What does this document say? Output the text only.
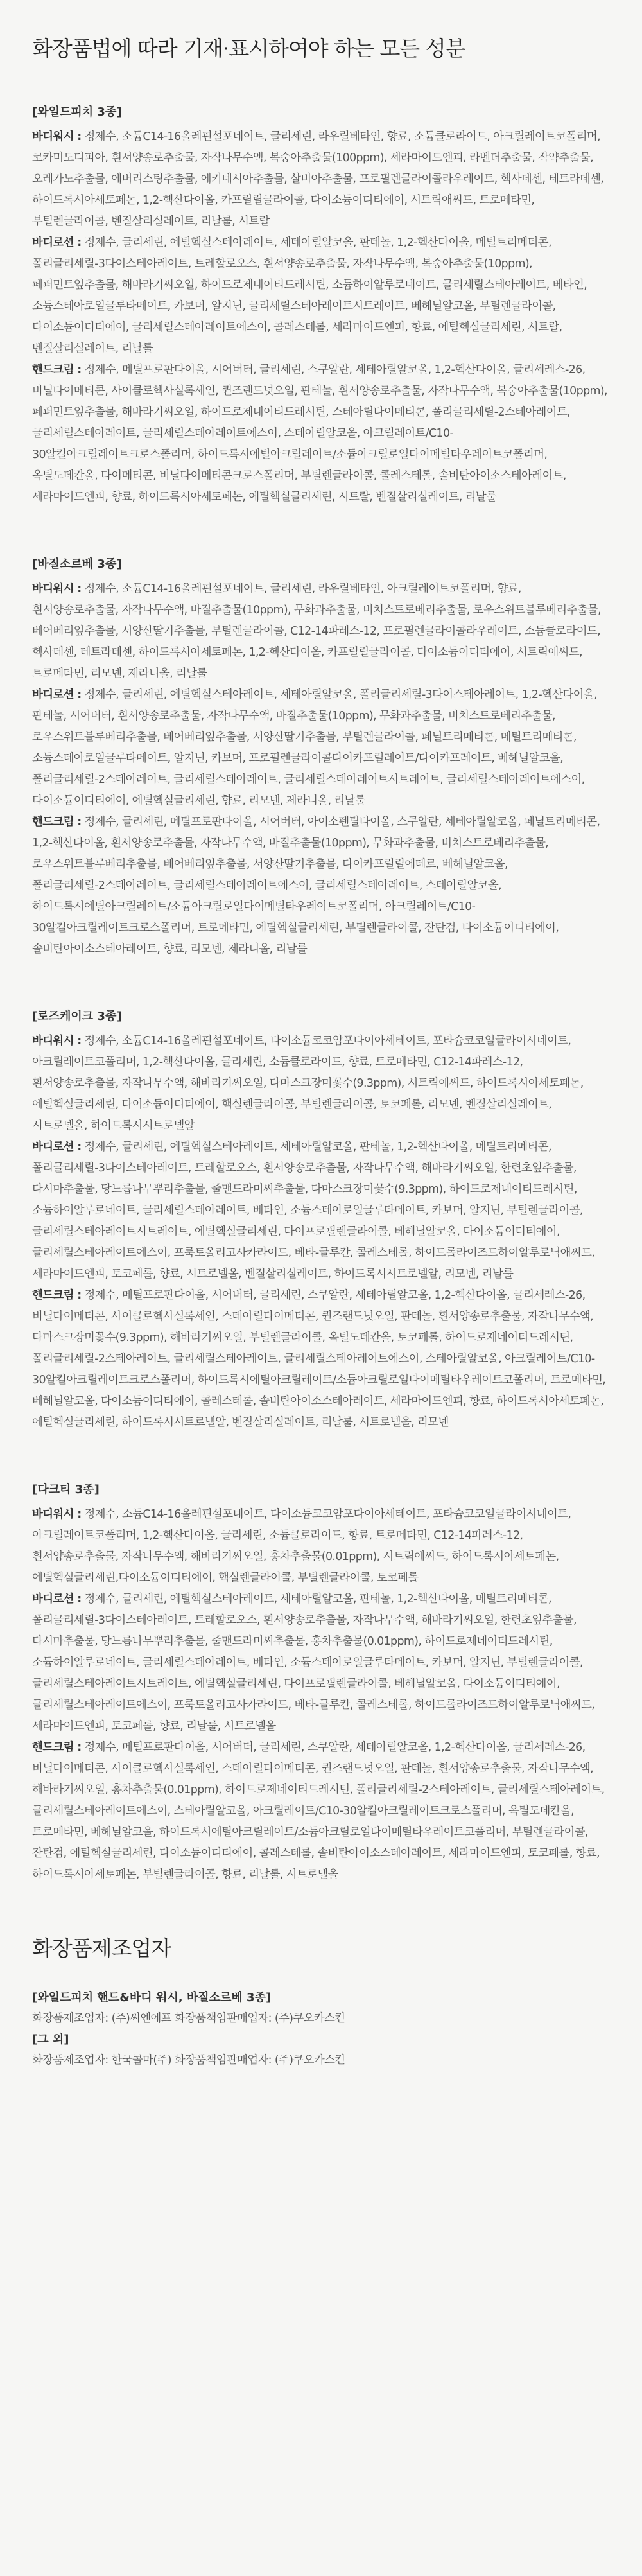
화장품법에 따라 기재·표시하여야 하는 모든 성분
[와일드피치 3종]

바디워시 : 정제수, 소듐C14-16올레핀설포네이트, 글리세린, 라우릴베타인, 향료, 소듐클로라이드, 아크릴레이트코폴리머, 코카미도디피아, 흰서양송로추출물, 자작나무수액, 복숭아추출물(100ppm), 세라마이드엔피, 라벤더추출물, 작약추출물, 오레가노추출물, 에버리스팅추출물, 에키네시아추출물, 살비아추출물, 프로필렌글라이콜라우레이트, 헥사데센, 테트라데센, 하이드록시아세토페논, 1,2-헥산다이올, 카프릴릴글라이콜, 다이소듐이디티에이, 시트릭애씨드, 트로메타민, 부틸렌글라이콜, 벤질살리실레이트, 리날룰, 시트랄

바디로션 : 정제수, 글리세린, 에틸헥실스테아레이트, 세테아릴알코올, 판테놀, 1,2-헥산다이올, 메틸트리메티콘, 폴리글리세릴-3다이스테아레이트, 트레할로오스, 흰서양송로추출물, 자작나무수액, 복숭아추출물(10ppm), 페퍼민트잎추출물, 해바라기씨오일, 하이드로제네이티드레시틴, 소듐하이알루로네이트, 글리세릴스테아레이트, 베타인, 소듐스테아로일글루타메이트, 카보머, 알지닌, 글리세릴스테아레이트시트레이트, 베헤닐알코올, 부틸렌글라이콜, 다이소듐이디티에이, 글리세릴스테아레이트에스이, 콜레스테롤, 세라마이드엔피, 향료, 에틸헥실글리세린, 시트랄, 벤질살리실레이트, 리날룰

핸드크림 : 정제수, 메틸프로판다이올, 시어버터, 글리세린, 스쿠알란, 세테아릴알코올, 1,2-헥산다이올, 글리세레스-26, 비닐다이메티콘, 사이클로헥사실록세인, 퀸즈랜드넛오일, 판테놀, 흰서양송로추출물, 자작나무수액, 복숭아추출물(10ppm), 페퍼민트잎추출물, 해바라기씨오일, 하이드로제네이티드레시틴, 스테아릴다이메티콘, 폴리글리세릴-2스테아레이트, 글리세릴스테아레이트, 글리세릴스테아레이트에스이, 스테아릴알코올, 아크릴레이트/C10-30알킬아크릴레이트크로스폴리머, 하이드록시에틸아크릴레이트/소듐아크릴로일다이메틸타우레이트코폴리머, 옥틸도데칸올, 다이메티콘, 비닐다이메티콘크로스폴리머, 부틸렌글라이콜, 콜레스테롤, 솔비탄아이소스테아레이트, 세라마이드엔피, 향료, 하이드록시아세토페논, 에틸헥실글리세린, 시트랄, 벤질살리실레이트, 리날룰

[바질소르베 3종]

바디워시 : 정제수, 소듐C14-16올레핀설포네이트, 글리세린, 라우릴베타인, 아크릴레이트코폴리머, 향료, 흰서양송로추출물, 자작나무수액, 바질추출물(10ppm), 무화과추출물, 비치스트로베리추출물, 로우스위트블루베리추출물, 베어베리잎추출물, 서양산딸기추출물, 부틸렌글라이콜, C12-14파레스-12, 프로필렌글라이콜라우레이트, 소듐클로라이드, 헥사데센, 테트라데센, 하이드록시아세토페논, 1,2-헥산다이올, 카프릴릴글라이콜, 다이소듐이디티에이, 시트릭애씨드, 트로메타민, 리모넨, 제라니올, 리날룰

바디로션 : 정제수, 글리세린, 에틸헥실스테아레이트, 세테아릴알코올, 폴리글리세릴-3다이스테아레이트, 1,2-헥산다이올, 판테놀, 시어버터, 흰서양송로추출물, 자작나무수액, 바질추출물(10ppm), 무화과추출물, 비치스트로베리추출물, 로우스위트블루베리추출물, 베어베리잎추출물, 서양산딸기추출물, 부틸렌글라이콜, 페닐트리메티콘, 메틸트리메티콘, 소듐스테아로일글루타메이트, 알지닌, 카보머, 프로필렌글라이콜다이카프릴레이트/다이카프레이트, 베헤닐알코올, 폴리글리세릴-2스테아레이트, 글리세릴스테아레이트, 글리세릴스테아레이트시트레이트, 글리세릴스테아레이트에스이, 다이소듐이디티에이, 에틸헥실글리세린, 향료, 리모넨, 제라니올, 리날룰

핸드크림 : 정제수, 글리세린, 메틸프로판다이올, 시어버터, 아이소펜틸다이올, 스쿠알란, 세테아릴알코올, 페닐트리메티콘, 1,2-헥산다이올, 흰서양송로추출물, 자작나무수액, 바질추출물(10ppm), 무화과추출물, 비치스트로베리추출물, 로우스위트블루베리추출물, 베어베리잎추출물, 서양산딸기추출물, 다이카프릴릴에테르, 베헤닐알코올, 폴리글리세릴-2스테아레이트, 글리세릴스테아레이트에스이, 글리세릴스테아레이트, 스테아릴알코올, 하이드록시에틸아크릴레이트/소듐아크릴로일다이메틸타우레이트코폴리머, 아크릴레이트/C10-30알킬아크릴레이트크로스폴리머, 트로메타민, 에틸헥실글리세린, 부틸렌글라이콜, 잔탄검, 다이소듐이디티에이, 솔비탄아이소스테아레이트, 향료, 리모넨, 제라니올, 리날룰

[로즈케이크 3종]

바디워시 : 정제수, 소듐C14-16올레핀설포네이트, 다이소듐코코암포다이아세테이트, 포타슘코코일글라이시네이트, 아크릴레이트코폴리머, 1,2-헥산다이올, 글리세린, 소듐클로라이드, 향료, 트로메타민, C12-14파레스-12, 흰서양송로추출물, 자작나무수액, 해바라기씨오일, 다마스크장미꽃수(9.3ppm), 시트릭애씨드, 하이드록시아세토페논, 에틸헥실글리세린, 다이소듐이디티에이, 핵실렌글라이콜, 부틸렌글라이콜, 토코페롤, 리모넨, 벤질살리실레이트, 시트로넬올, 하이드록시시트로넬알

바디로션 : 정제수, 글리세린, 에틸헥실스테아레이트, 세테아릴알코올, 판테놀, 1,2-헥산다이올, 메틸트리메티콘, 폴리글리세릴-3다이스테아레이트, 트레할로오스, 흰서양송로추출물, 자작나무수액, 해바라기씨오일, 한련초잎추출물, 다시마추출물, 당느릅나무뿌리추출물, 줄맨드라미씨추출물, 다마스크장미꽃수(9.3ppm), 하이드로제네이티드레시틴, 소듐하이알루로네이트, 글리세릴스테아레이트, 베타인, 소듐스테아로일글루타메이트, 카보머, 알지닌, 부틸렌글라이콜, 글리세릴스테아레이트시트레이트, 에틸헥실글리세린, 다이프로필렌글라이콜, 베헤닐알코올, 다이소듐이디티에이, 글리세릴스테아레이트에스이, 프룩토올리고사카라이드, 베타-글루칸, 콜레스테롤, 하이드롤라이즈드하이알루로닉애씨드, 세라마이드엔피, 토코페롤, 향료, 시트로넬올, 벤질살리실레이트, 하이드록시시트로넬알, 리모넨, 리날룰

핸드크림 : 정제수, 메틸프로판다이올, 시어버터, 글리세린, 스쿠알란, 세테아릴알코올, 1,2-헥산다이올, 글리세레스-26, 비닐다이메티콘, 사이클로헥사실록세인, 스테아릴다이메티콘, 퀸즈랜드넛오일, 판테놀, 흰서양송로추출물, 자작나무수액, 다마스크장미꽃수(9.3ppm), 해바라기씨오일, 부틸렌글라이콜, 옥틸도데칸올, 토코페롤, 하이드로제네이티드레시틴, 폴리글리세릴-2스테아레이트, 글리세릴스테아레이트, 글리세릴스테아레이트에스이, 스테아릴알코올, 아크릴레이트/C10-30알킬아크릴레이트크로스폴리머, 하이드록시에틸아크릴레이트/소듐아크릴로일다이메틸타우레이트코폴리머, 트로메타민, 베헤닐알코올, 다이소듐이디티에이, 콜레스테롤, 솔비탄아이소스테아레이트, 세라마이드엔피, 향료, 하이드록시아세토페논, 에틸헥실글리세린, 하이드록시시트로넬알, 벤질살리실레이트, 리날룰, 시트로넬올, 리모넨

[다크티 3종]

바디워시 : 정제수, 소듐C14-16올레핀설포네이트, 다이소듐코코암포다이아세테이트, 포타슘코코일글라이시네이트, 아크릴레이트코폴리머, 1,2-헥산다이올, 글리세린, 소듐클로라이드, 향료, 트로메타민, C12-14파레스-12, 흰서양송로추출물, 자작나무수액, 해바라기씨오일, 홍차추출물(0.01ppm), 시트릭애씨드, 하이드록시아세토페논, 에틸헥실글리세린,다이소듐이디티에이, 핵실렌글라이콜, 부틸렌글라이콜, 토코페롤

바디로션 : 정제수, 글리세린, 에틸헥실스테아레이트, 세테아릴알코올, 판테놀, 1,2-헥산다이올, 메틸트리메티콘, 폴리글리세릴-3다이스테아레이트, 트레할로오스, 흰서양송로추출물, 자작나무수액, 해바라기씨오일, 한련초잎추출물, 다시마추출물, 당느릅나무뿌리추출물, 줄맨드라미씨추출물, 홍차추출물(0.01ppm), 하이드로제네이티드레시틴, 소듐하이알루로네이트, 글리세릴스테아레이트, 베타인, 소듐스테아로일글루타메이트, 카보머, 알지닌, 부틸렌글라이콜, 글리세릴스테아레이트시트레이트, 에틸헥실글리세린, 다이프로필렌글라이콜, 베헤닐알코올, 다이소듐이디티에이, 글리세릴스테아레이트에스이, 프룩토올리고사카라이드, 베타-글루칸, 콜레스테롤, 하이드롤라이즈드하이알루로닉애씨드, 세라마이드엔피, 토코페롤, 향료, 리날룰, 시트로넬올

핸드크림 : 정제수, 메틸프로판다이올, 시어버터, 글리세린, 스쿠알란, 세테아릴알코올, 1,2-헥산다이올, 글리세레스-26, 비닐다이메티콘, 사이클로헥사실록세인, 스테아릴다이메티콘, 퀸즈랜드넛오일, 판테놀, 흰서양송로추출물, 자작나무수액, 해바라기씨오일, 홍차추출물(0.01ppm), 하이드로제네이티드레시틴, 폴리글리세릴-2스테아레이트, 글리세릴스테아레이트, 글리세릴스테아레이트에스이, 스테아릴알코올, 아크릴레이트/C10-30알킬아크릴레이트크로스폴리머, 옥틸도데칸올, 트로메타민, 베헤닐알코올, 하이드록시에틸아크릴레이트/소듐아크릴로일다이메틸타우레이트코폴리머, 부틸렌글라이콜, 잔탄검, 에틸헥실글리세린, 다이소듐이디티에이, 콜레스테롤, 솔비탄아이소스테아레이트, 세라마이드엔피, 토코페롤, 향료, 하이드록시아세토페논, 부틸렌글라이콜, 향료, 리날룰, 시트로넬올

화장품제조업자
[와일드피치 핸드&바디 워시, 바질소르베 3종]

화장품제조업자: (주)씨엔에프 화장품책임판매업자: (주)쿠오카스킨

[그 외]

화장품제조업자: 한국콜마(주) 화장품책임판매업자: (주)쿠오카스킨
